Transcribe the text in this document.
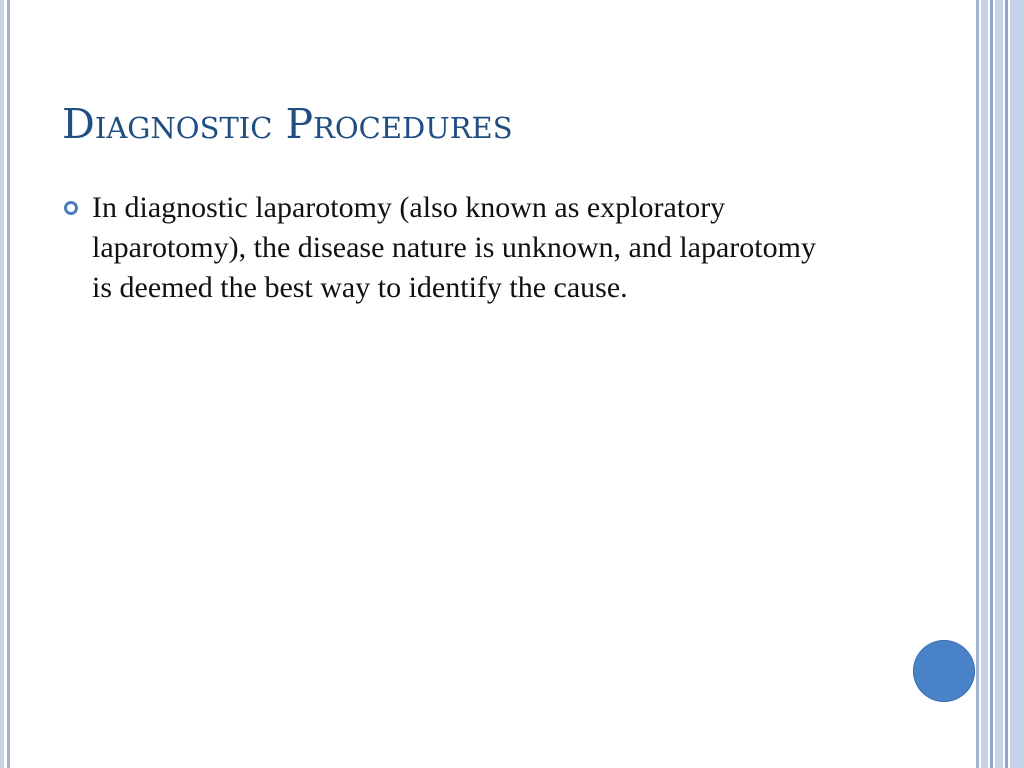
Diagnostic Procedures
In diagnostic laparotomy (also known as exploratory laparotomy), the disease nature is unknown, and laparotomy is deemed the best way to identify the cause.
